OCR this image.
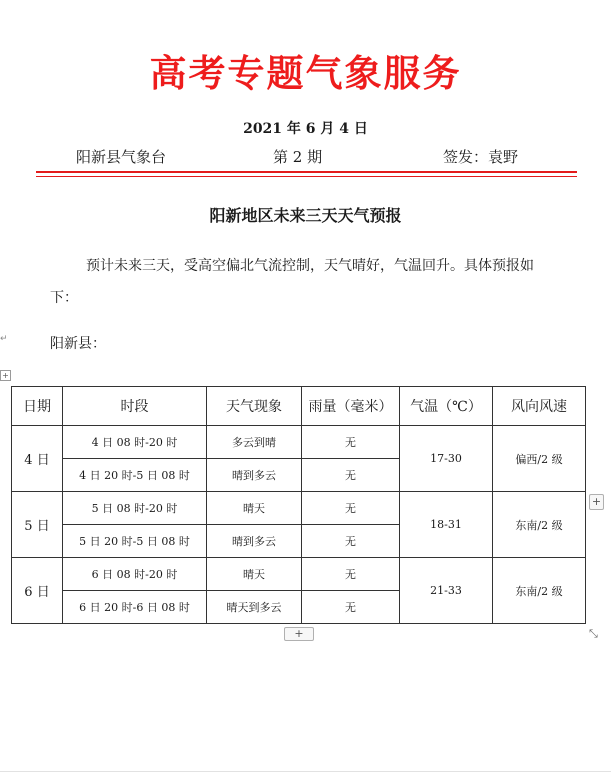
高考专题气象服务
2021 年 6 月 4 日
阳新县气象台	第 2 期	签发：袁野
阳新地区未来三天天气预报
预计未来三天，受高空偏北气流控制，天气晴好，气温回升。具体预报如下：
↵	阳新县：
+
日期	时段	天气现象	雨量（毫米）	气温（℃）	风向风速
4 日	4 日 08 时-20 时	多云到晴	无	17-30	偏西/2 级
	4 日 20 时-5 日 08 时	晴到多云	无		
5 日	5 日 08 时-20 时	晴天	无	18-31	东南/2 级
	5 日 20 时-5 日 08 时	晴到多云	无		
6 日	6 日 08 时-20 时	晴天	无	21-33	东南/2 级
	6 日 20 时-6 日 08 时	晴天到多云	无		
+
+	⤡
